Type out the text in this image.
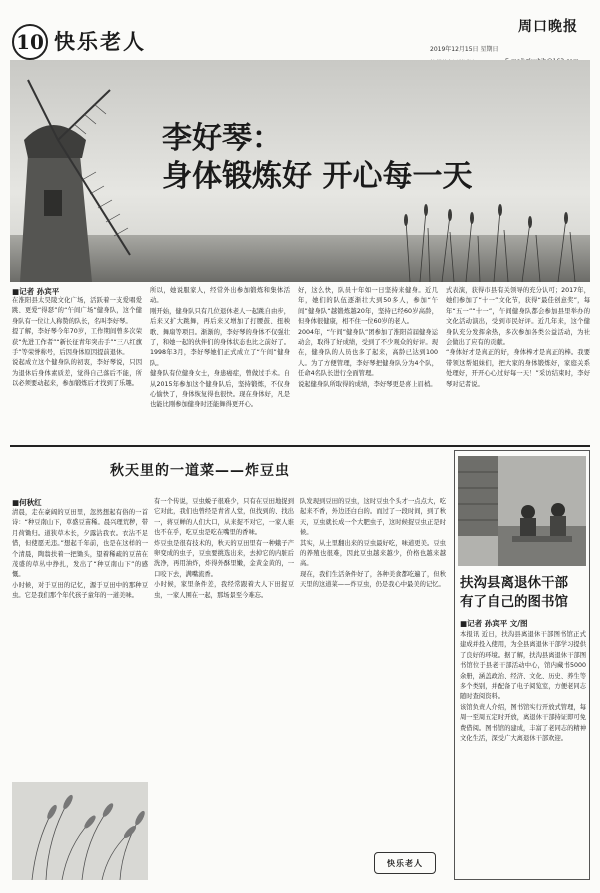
10 快乐老人
周口晚报
2019年12月15日 星期日
李好琴：
身体锻炼好 开心每一天
■记者 孙宾平
在淮阳县太昊陵文化广场，活跃着一支爱唱爱跳、更爱“得瑟”的“午间广场”健身队，这个健身队有一位让人称赞的队长，名叫李好琴。
提了解，李好琴今年70岁，工作期间曾多次荣获“先进工作者”“新长征青年突击手”“三八红旗手”等荣誉称号，后因身体原因提前退休。
说起成立这个健身队的初衷，李好琴说，只因为退休后身体素质差，觉得自己落后不能，所以必须要动起来，参加锻炼后才找到了乐趣。
所以，她说服家人，经常外出参加锻炼和集体活动。
刚开始，健身队只有几位退休老人一起跳自由步，后来又扩大跳舞，再后来又增加了打腰鼓、扭秧歌、舞扇等项目。渐渐的，李好琴的身体不仅强壮了，和她一起的伙伴们的身体状态也比之前好了。1998年3月，李好琴她们正式成立了“午间”健身队。
健身队有位健身女士，身患癌症，曾做过手术。自从2015年参加这个健身队后，坚持锻炼，不仅身心愉快了，身体恢复得也很快。现在身体好，凡是也能比刚参加健身时还能舞得更开心。
好，这么快，队员十年如一日坚持来健身。近几年，她们的队伍逐渐壮大到50多人，参加“午间”健身队“越锻炼越20年，坚持已经60岁高龄，但身体很健康，相不住一位60岁的老人。
2004年，“午间”健身队”团参加了淮阳首届健身运动会，取得了好成绩，受到了不少观众的好评。现在，健身队的人员也多了起来，高龄已达到100人。为了方便管理，李好琴把健身队分为4个队，任命4名队长进行全面管理。
说起健身队所取得的成绩，李好琴更是喜上眉梢。
式表演，获得市县有关领导的充分认可；2017年，她们参加了“十一”文化节，获得“最佳创意奖”，每年“五一”“十一”，午间健身队都会参加县里举办的文化活动演出，受到市民好评。近几年来，这个健身队充分发挥余热，多次参加各类公益活动，为社会做出了应有的贡献。
“身体好才是真正的好，身体棒才是真正的棒。我要带领这帮姐妹们，把大家的身体锻炼好，家庭关系处理好，开开心心过好每一天！”采访结束时，李好琴对记者说。
秋天里的一道菜——炸豆虫
■何秋红
清晨，走在豪阔的豆田里，忽然想起有俗的一首诗：“种豆南山下，草盛豆苗稀。晨兴理荒秽，带月荷锄归。道狭草木长，夕露沾我衣。衣沾不足惜，但使愿无违。”想起千年前，也是在这样的一个清晨，陶翁扶着一把锄头，望着稀疏的豆苗在茂盛的草丛中挣扎，发出了“种豆南山下”的感慨。
小时候，对于豆田的记忆，源于豆田中的那种豆虫。它是我们那个年代孩子童年的一道美味。
有一个传说，豆虫蜕子很难少，只有在豆田地捉到它对此，我们也曾经是青省人堂，但找到的、找出一，蒋豆蝉的人们大口，从来捉不对它，一家人谁也不在乎，吃豆虫是吃在嘴里的香味。
炸豆虫是很有技术的，秋天的豆田里有一种蛾子产卵变成的虫子，豆虫要挑选出来，去掉它的内脏后洗净，再用油炸，炸得外酥里嫩，金黄金黄的，一口咬下去，满嘴流香。
小时候，家里条件差，我经常跟着大人下田捉豆虫，一家人围在一起，那场景至今难忘。
队发现到豆田的豆虫，这时豆虫个头才一点点大，吃起来不香，外边还白白的。而过了一段时间，到了秋天，豆虫就长成一个大肥虫子，这时候捉豆虫正是时候。
其实，从土里翻出来的豆虫最好吃，味道更美。豆虫的养殖也很难，因此豆虫越来越少，价格也越来越高。
现在，我们生活条件好了，各种美食都吃遍了，但秋天里的这道菜——炸豆虫，仍是我心中最美的记忆。
快乐老人
扶沟县离退休干部
有了自己的图书馆
■记者 孙宾平 文/图
本报讯 近日，扶沟县离退休干部图书馆正式建成并投入使用，为全县离退休干部学习提供了良好的环境。据了解，扶沟县离退休干部图书馆位于县老干部活动中心，馆内藏书5000余册，涵盖政治、经济、文化、历史、养生等多个类别，并配备了电子阅览室，方便老同志随时查阅资料。
该馆负责人介绍，图书馆实行开放式管理，每周一至周五定时开放，离退休干部持证即可免费借阅。图书馆的建成，丰富了老同志的精神文化生活，深受广大离退休干部欢迎。
